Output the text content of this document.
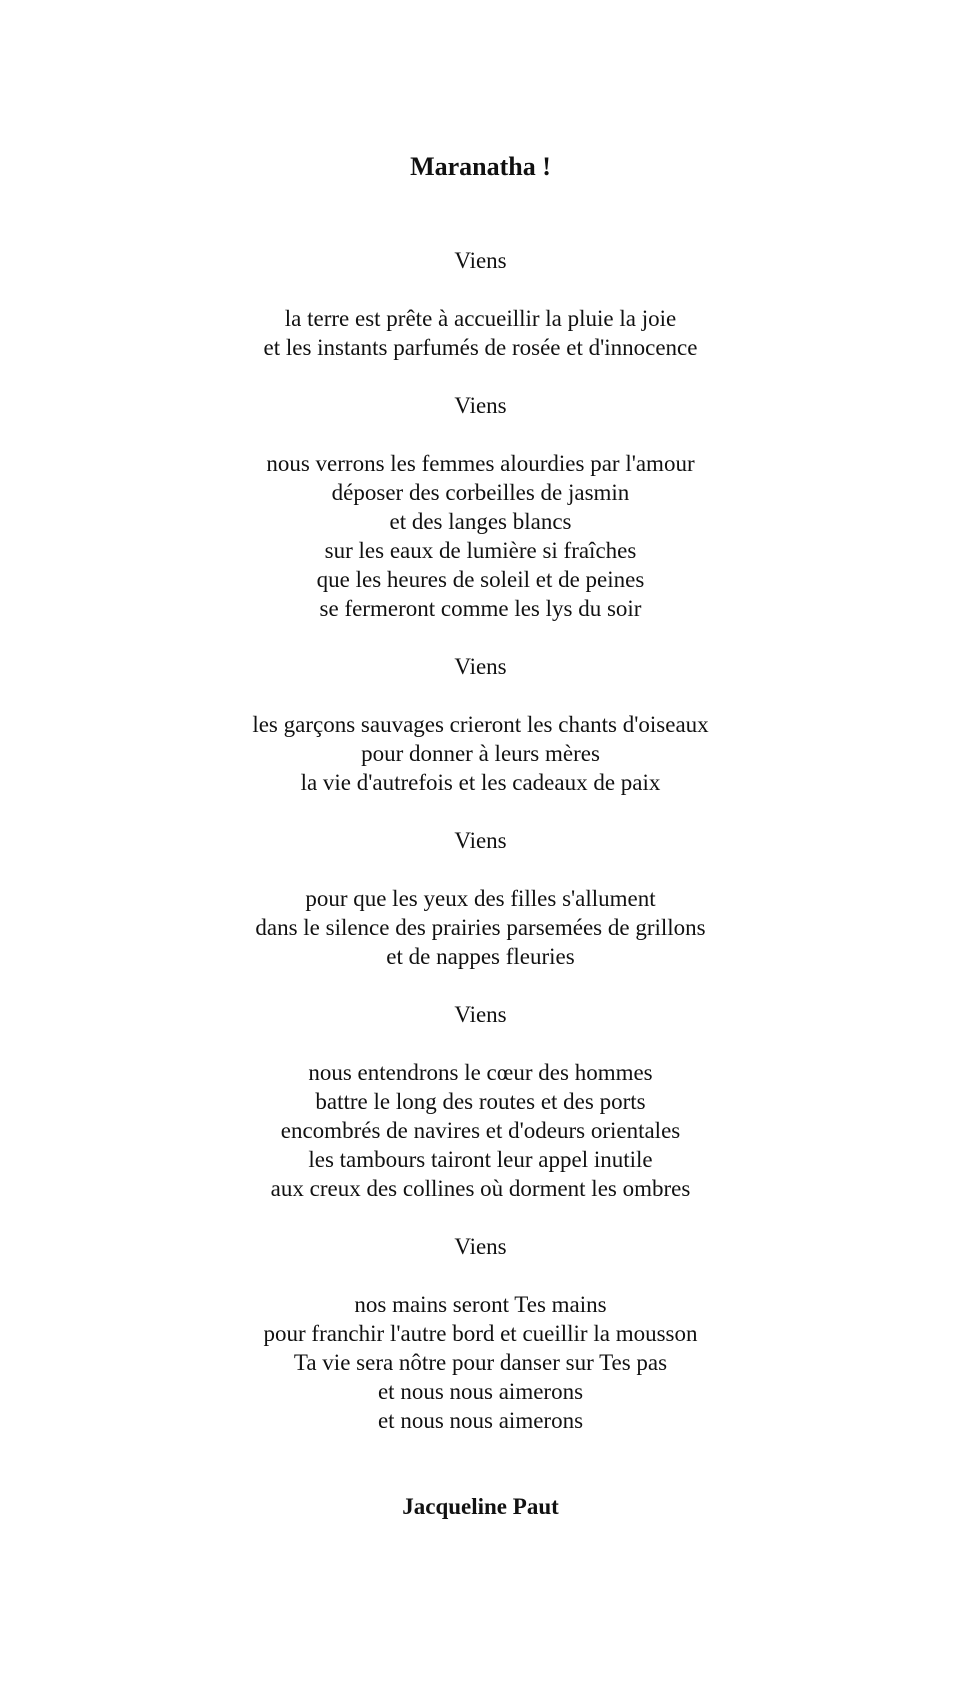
Maranatha !
Viens
la terre est prête à accueillir la pluie la joie
et les instants parfumés de rosée et d'innocence
Viens
nous verrons les femmes alourdies par l'amour
déposer des corbeilles de jasmin
et des langes blancs
sur les eaux de lumière si fraîches
que les heures de soleil et de peines
se fermeront comme les lys du soir
Viens
les garçons sauvages crieront les chants d'oiseaux
pour donner à leurs mères
la vie d'autrefois et les cadeaux de paix
Viens
pour que les yeux des filles s'allument
dans le silence des prairies parsemées de grillons
et de nappes fleuries
Viens
nous entendrons le cœur des hommes
battre le long des routes et des ports
encombrés de navires et d'odeurs orientales
les tambours tairont leur appel inutile
aux creux des collines où dorment les ombres
Viens
nos mains seront Tes mains
pour franchir l'autre bord et cueillir la mousson
Ta vie sera nôtre pour danser sur Tes pas
et nous nous aimerons
et nous nous aimerons

Jacqueline Paut
